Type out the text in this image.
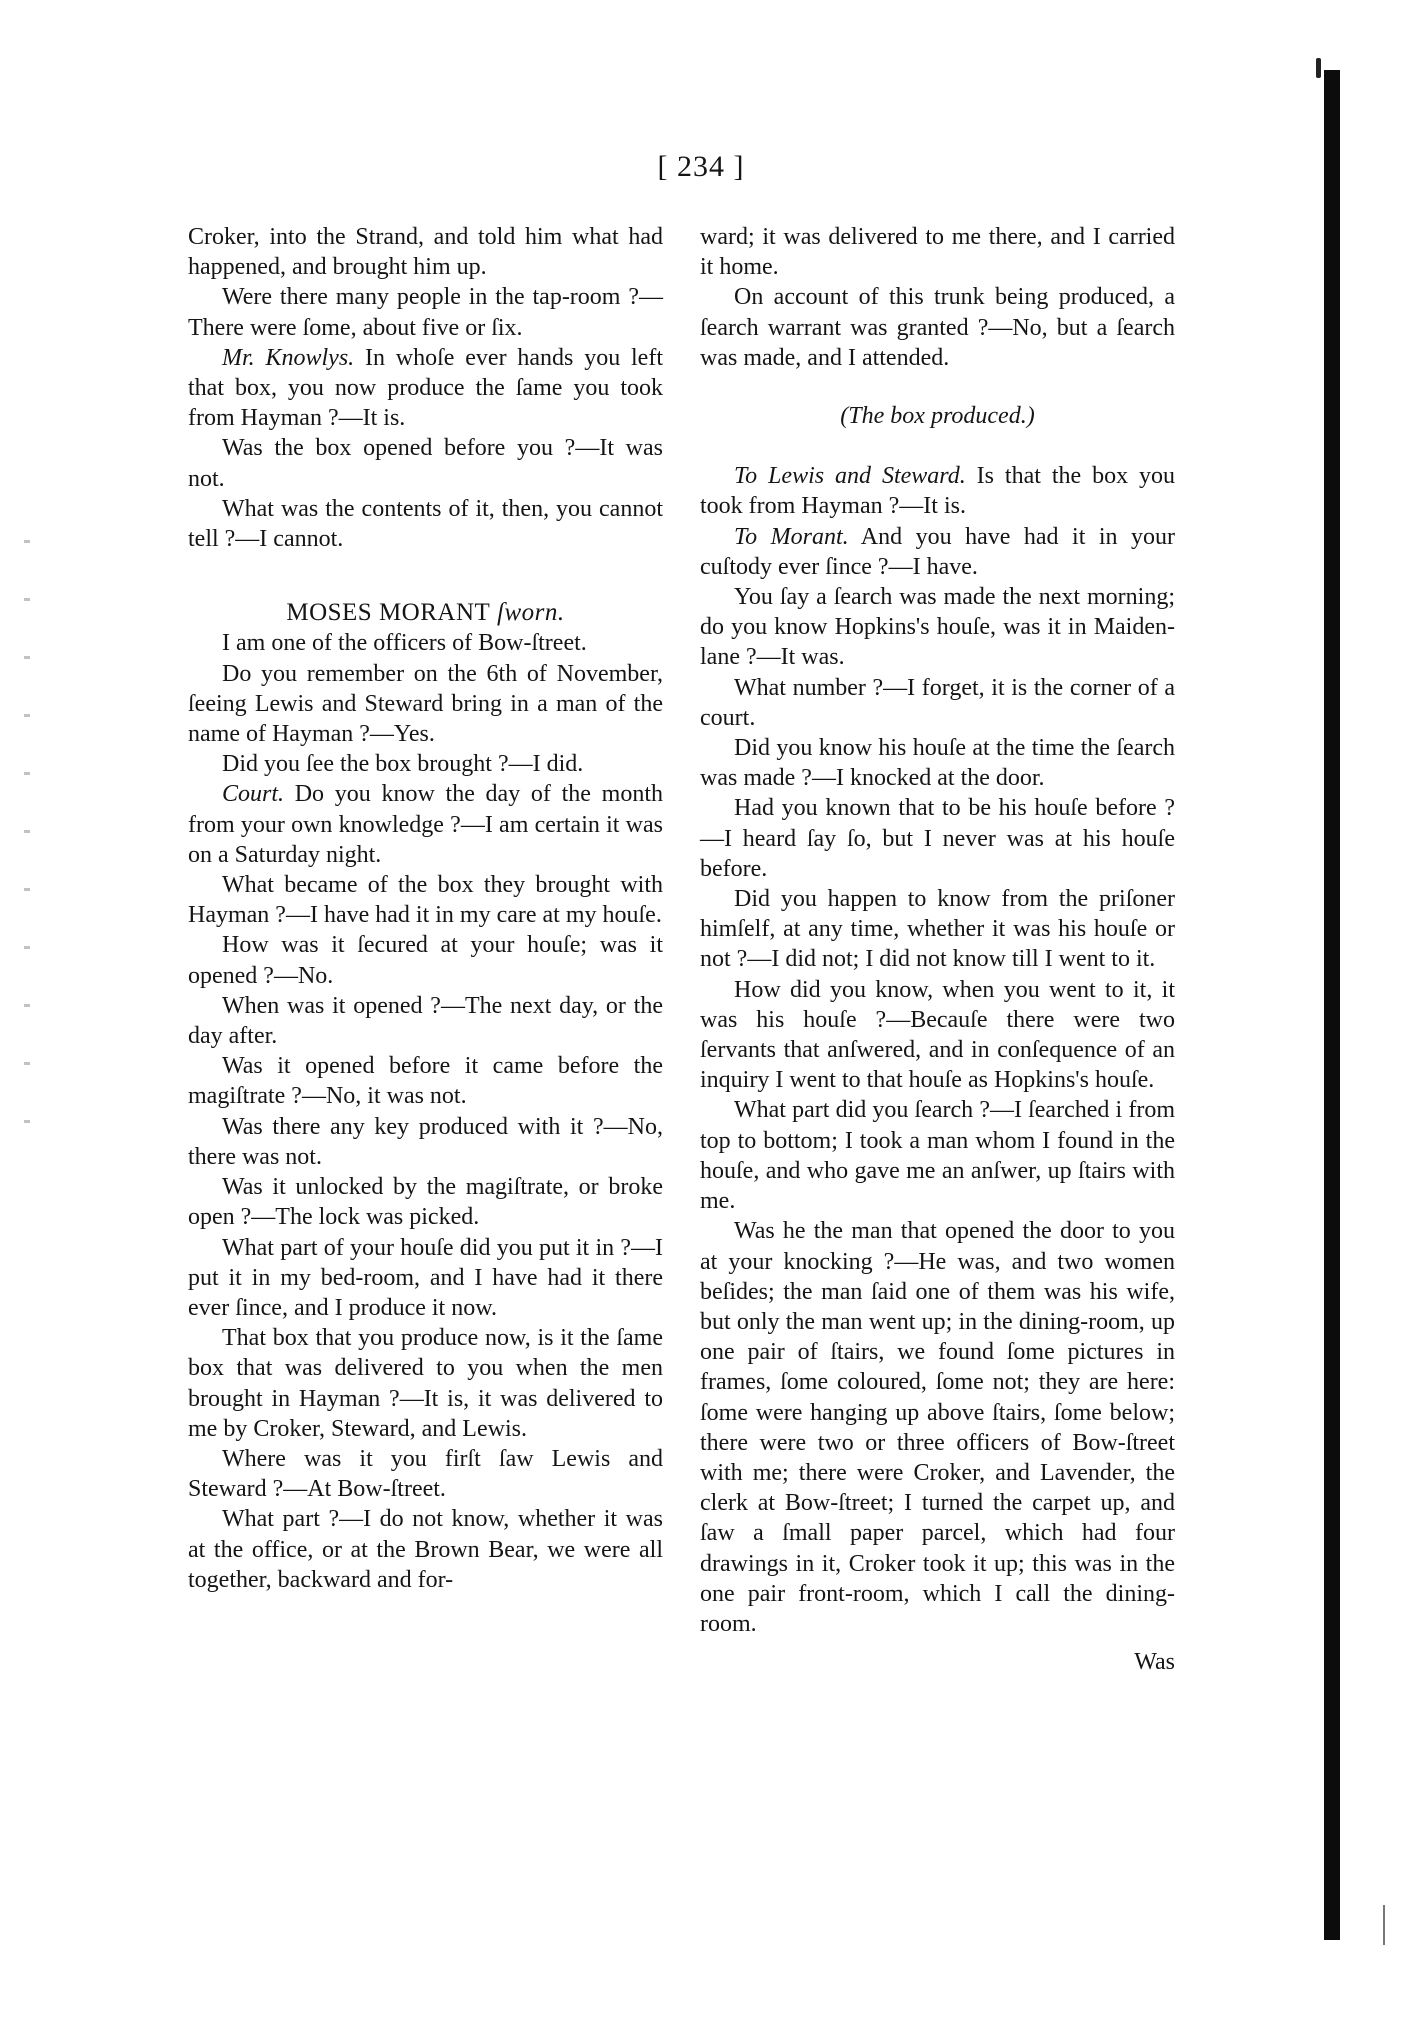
[ 234 ]

Croker, into the Strand, and told him what had happened, and brought him up.

Were there many people in the tap-room ?—There were ſome, about five or ſix.

Mr. Knowlys. In whoſe ever hands you left that box, you now produce the ſame you took from Hayman ?—It is.

Was the box opened before you ?—It was not.

What was the contents of it, then, you cannot tell ?—I cannot.

MOSES MORANT ſworn.

I am one of the officers of Bow-ſtreet.

Do you remember on the 6th of November, ſeeing Lewis and Steward bring in a man of the name of Hayman ?—Yes.

Did you ſee the box brought ?—I did.

Court. Do you know the day of the month from your own knowledge ?—I am certain it was on a Saturday night.

What became of the box they brought with Hayman ?—I have had it in my care at my houſe.

How was it ſecured at your houſe; was it opened ?—No.

When was it opened ?—The next day, or the day after.

Was it opened before it came before the magiſtrate ?—No, it was not.

Was there any key produced with it ?—No, there was not.

Was it unlocked by the magiſtrate, or broke open ?—The lock was picked.

What part of your houſe did you put it in ?—I put it in my bed-room, and I have had it there ever ſince, and I produce it now.

That box that you produce now, is it the ſame box that was delivered to you when the men brought in Hayman ?—It is, it was delivered to me by Croker, Steward, and Lewis.

Where was it you firſt ſaw Lewis and Steward ?—At Bow-ſtreet.

What part ?—I do not know, whether it was at the office, or at the Brown Bear, we were all together, backward and for-

ward; it was delivered to me there, and I carried it home.

On account of this trunk being produced, a ſearch warrant was granted ?—No, but a ſearch was made, and I attended.

(The box produced.)

To Lewis and Steward. Is that the box you took from Hayman ?—It is.

To Morant. And you have had it in your cuſtody ever ſince ?—I have.

You ſay a ſearch was made the next morning; do you know Hopkins's houſe, was it in Maiden-lane ?—It was.

What number ?—I forget, it is the corner of a court.

Did you know his houſe at the time the ſearch was made ?—I knocked at the door.

Had you known that to be his houſe before ?—I heard ſay ſo, but I never was at his houſe before.

Did you happen to know from the priſoner himſelf, at any time, whether it was his houſe or not ?—I did not; I did not know till I went to it.

How did you know, when you went to it, it was his houſe ?—Becauſe there were two ſervants that anſwered, and in conſequence of an inquiry I went to that houſe as Hopkins's houſe.

What part did you ſearch ?—I ſearched i from top to bottom; I took a man whom I found in the houſe, and who gave me an anſwer, up ſtairs with me.

Was he the man that opened the door to you at your knocking ?—He was, and two women beſides; the man ſaid one of them was his wife, but only the man went up; in the dining-room, up one pair of ſtairs, we found ſome pictures in frames, ſome coloured, ſome not; they are here: ſome were hanging up above ſtairs, ſome below; there were two or three officers of Bow-ſtreet with me; there were Croker, and Lavender, the clerk at Bow-ſtreet; I turned the carpet up, and ſaw a ſmall paper parcel, which had four drawings in it, Croker took it up; this was in the one pair front-room, which I call the dining-room.

Was
